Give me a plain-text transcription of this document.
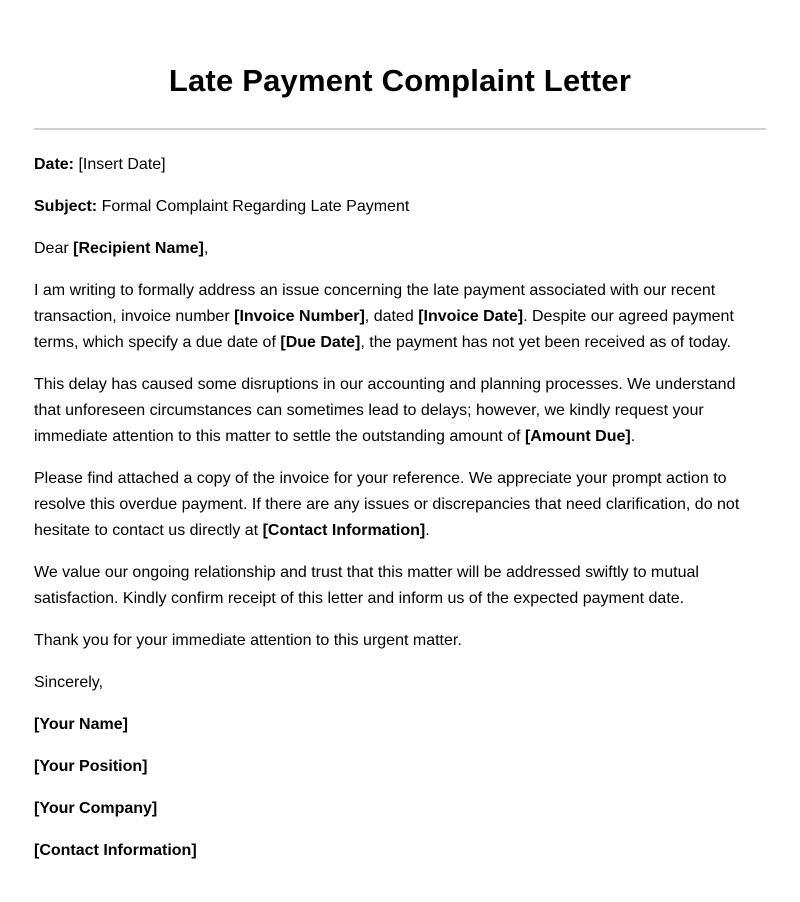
Late Payment Complaint Letter

Date: [Insert Date]

Subject: Formal Complaint Regarding Late Payment

Dear [Recipient Name],

I am writing to formally address an issue concerning the late payment associated with our recent transaction, invoice number [Invoice Number], dated [Invoice Date]. Despite our agreed payment terms, which specify a due date of [Due Date], the payment has not yet been received as of today.

This delay has caused some disruptions in our accounting and planning processes. We understand that unforeseen circumstances can sometimes lead to delays; however, we kindly request your immediate attention to this matter to settle the outstanding amount of [Amount Due].

Please find attached a copy of the invoice for your reference. We appreciate your prompt action to resolve this overdue payment. If there are any issues or discrepancies that need clarification, do not hesitate to contact us directly at [Contact Information].

We value our ongoing relationship and trust that this matter will be addressed swiftly to mutual satisfaction. Kindly confirm receipt of this letter and inform us of the expected payment date.

Thank you for your immediate attention to this urgent matter.

Sincerely,

[Your Name]

[Your Position]

[Your Company]

[Contact Information]
